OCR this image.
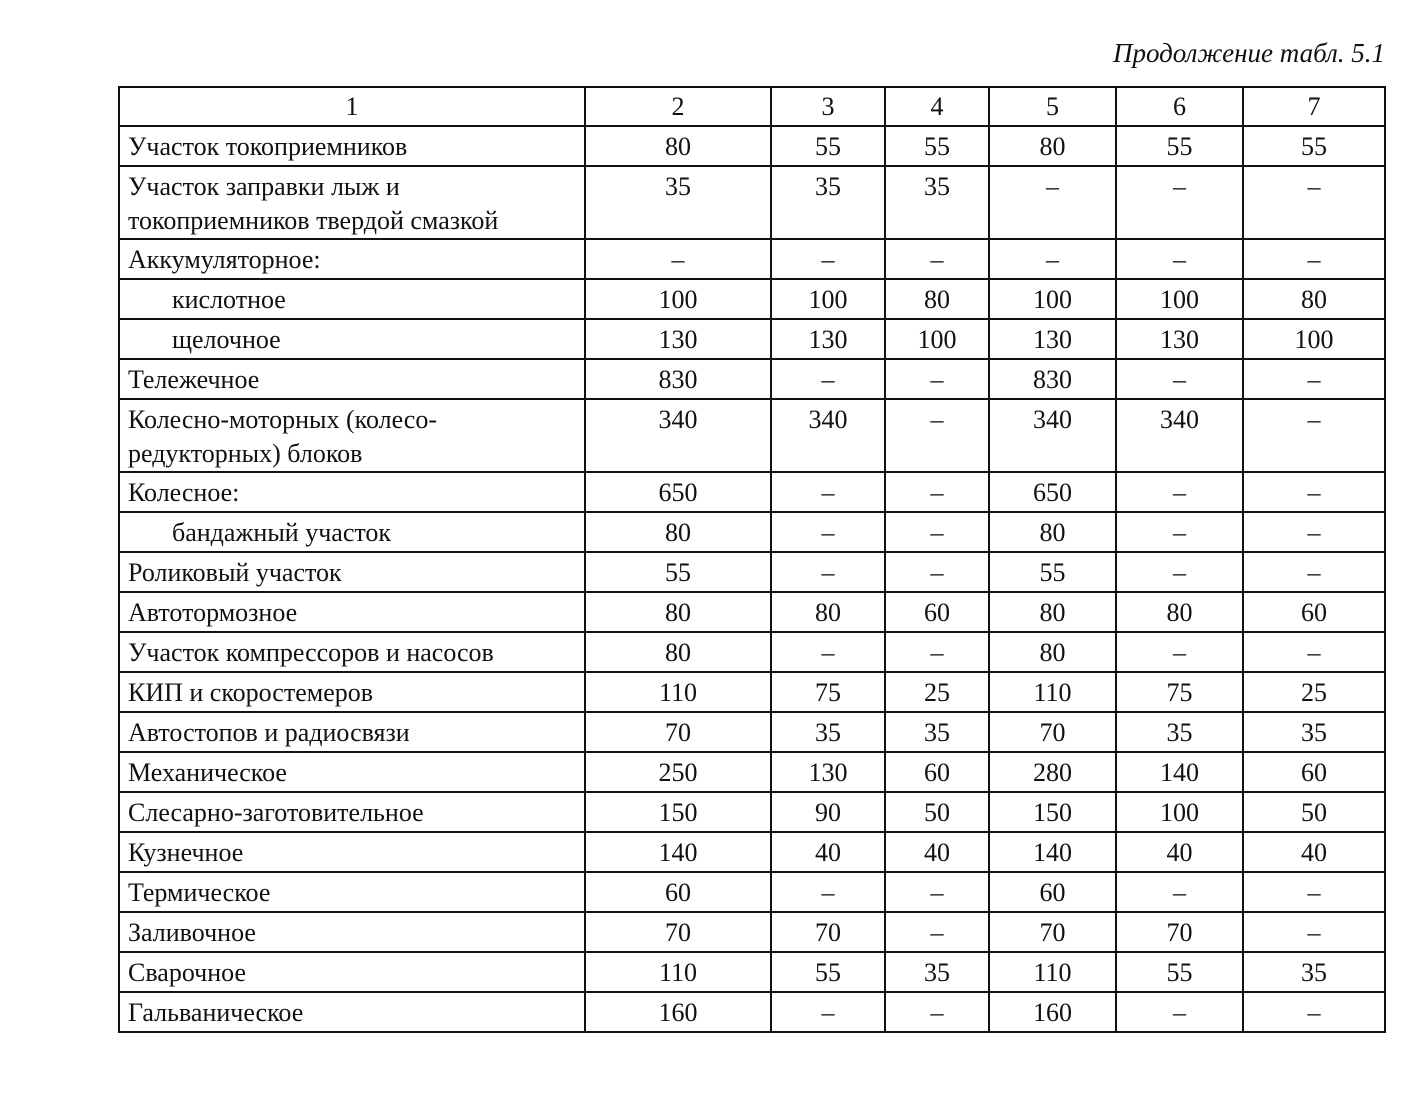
Продолжение табл. 5.1
1	2	3	4	5	6	7
Участок токоприемников	80	55	55	80	55	55
Участок заправки лыж и токоприемников твердой смазкой	35	35	35	–	–	–
Аккумуляторное:	–	–	–	–	–	–
кислотное	100	100	80	100	100	80
щелочное	130	130	100	130	130	100
Тележечное	830	–	–	830	–	–
Колесно-моторных (колесо-редукторных) блоков	340	340	–	340	340	–
Колесное:	650	–	–	650	–	–
бандажный участок	80	–	–	80	–	–
Роликовый участок	55	–	–	55	–	–
Автотормозное	80	80	60	80	80	60
Участок компрессоров и насосов	80	–	–	80	–	–
КИП и скоростемеров	110	75	25	110	75	25
Автостопов и радиосвязи	70	35	35	70	35	35
Механическое	250	130	60	280	140	60
Слесарно-заготовительное	150	90	50	150	100	50
Кузнечное	140	40	40	140	40	40
Термическое	60	–	–	60	–	–
Заливочное	70	70	–	70	70	–
Сварочное	110	55	35	110	55	35
Гальваническое	160	–	–	160	–	–
